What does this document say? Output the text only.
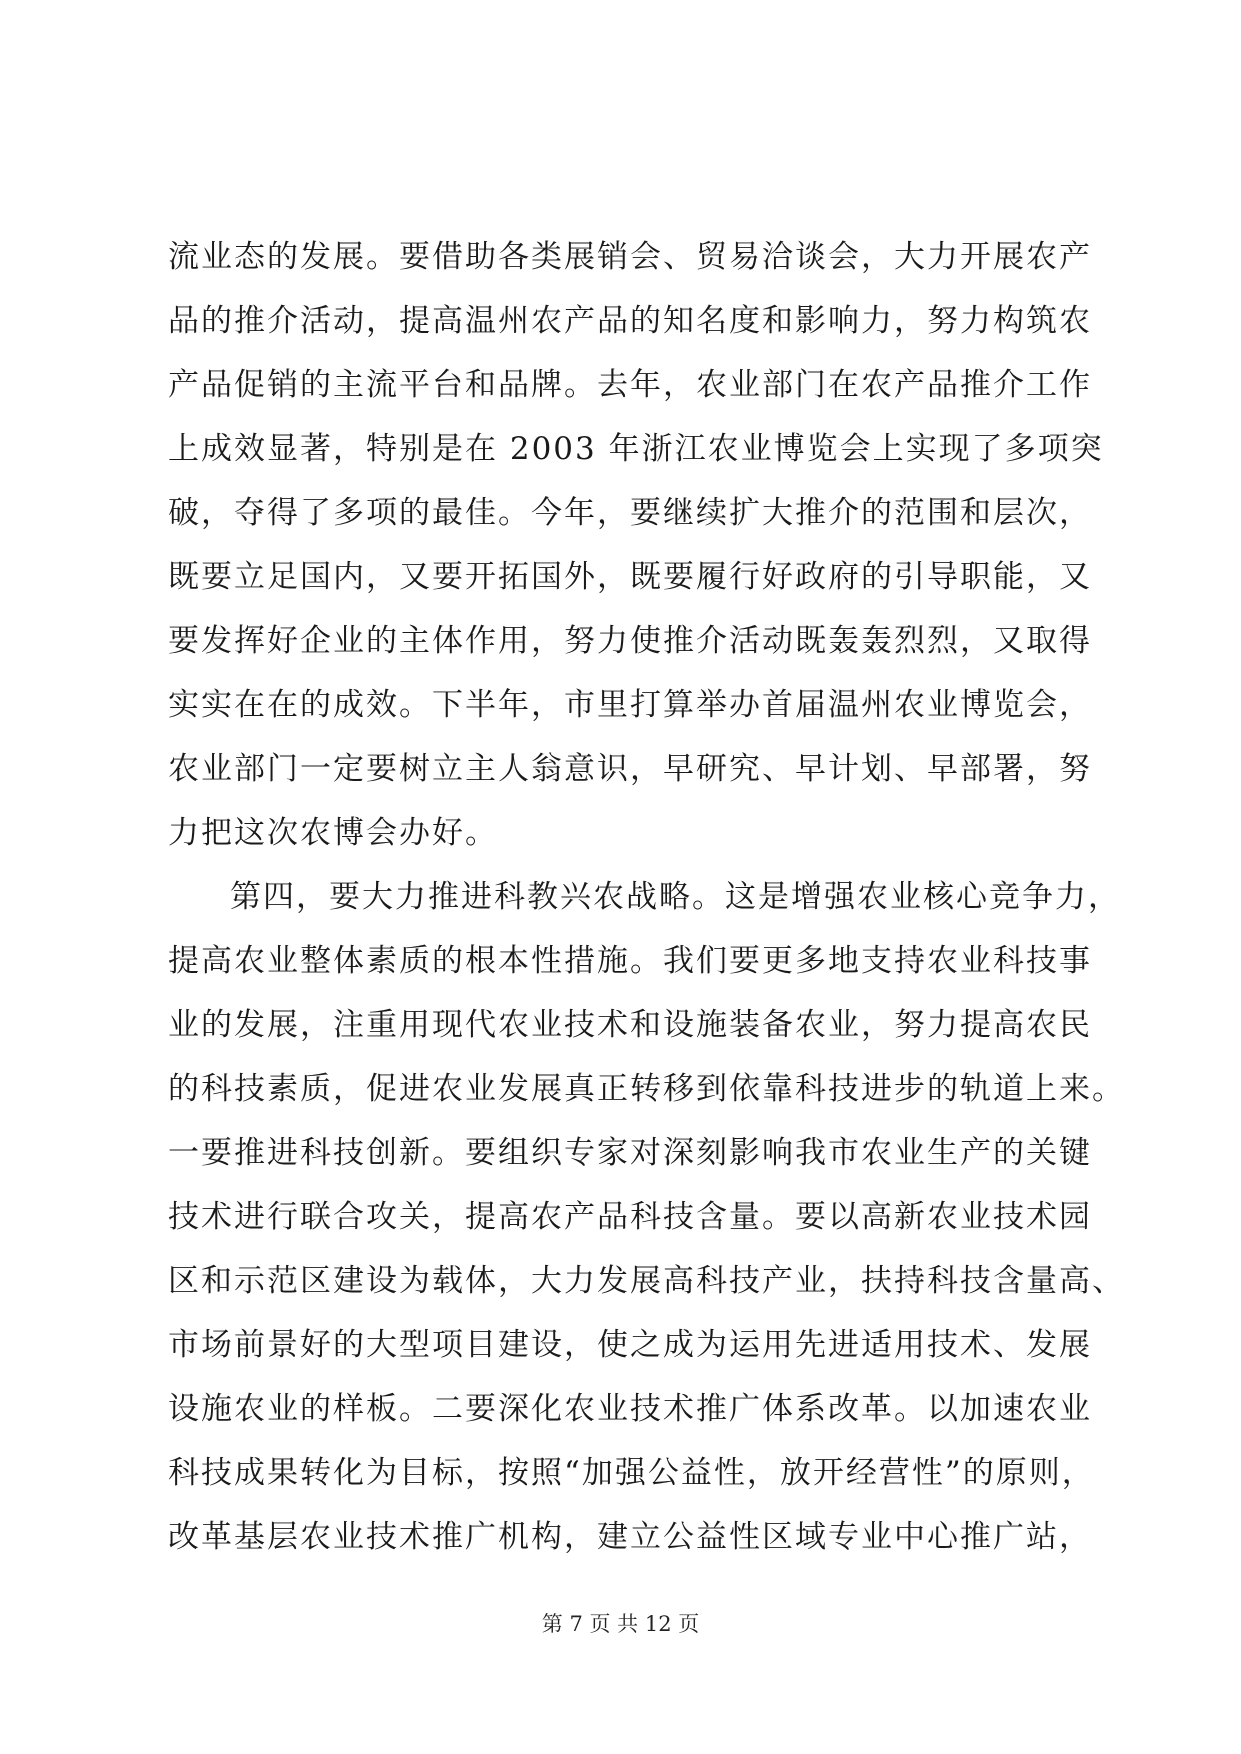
流业态的发展。要借助各类展销会、贸易洽谈会，大力开展农产
品的推介活动，提高温州农产品的知名度和影响力，努力构筑农
产品促销的主流平台和品牌。去年，农业部门在农产品推介工作
上成效显著，特别是在 2003 年浙江农业博览会上实现了多项突
破，夺得了多项的最佳。今年，要继续扩大推介的范围和层次，
既要立足国内，又要开拓国外，既要履行好政府的引导职能，又
要发挥好企业的主体作用，努力使推介活动既轰轰烈烈，又取得
实实在在的成效。下半年，市里打算举办首届温州农业博览会，
农业部门一定要树立主人翁意识，早研究、早计划、早部署，努
力把这次农博会办好。
第四，要大力推进科教兴农战略。这是增强农业核心竞争力，
提高农业整体素质的根本性措施。我们要更多地支持农业科技事
业的发展，注重用现代农业技术和设施装备农业，努力提高农民
的科技素质，促进农业发展真正转移到依靠科技进步的轨道上来。
一要推进科技创新。要组织专家对深刻影响我市农业生产的关键
技术进行联合攻关，提高农产品科技含量。要以高新农业技术园
区和示范区建设为载体，大力发展高科技产业，扶持科技含量高、
市场前景好的大型项目建设，使之成为运用先进适用技术、发展
设施农业的样板。二要深化农业技术推广体系改革。以加速农业
科技成果转化为目标，按照“加强公益性，放开经营性”的原则，
改革基层农业技术推广机构，建立公益性区域专业中心推广站，
第 7 页 共 12 页
